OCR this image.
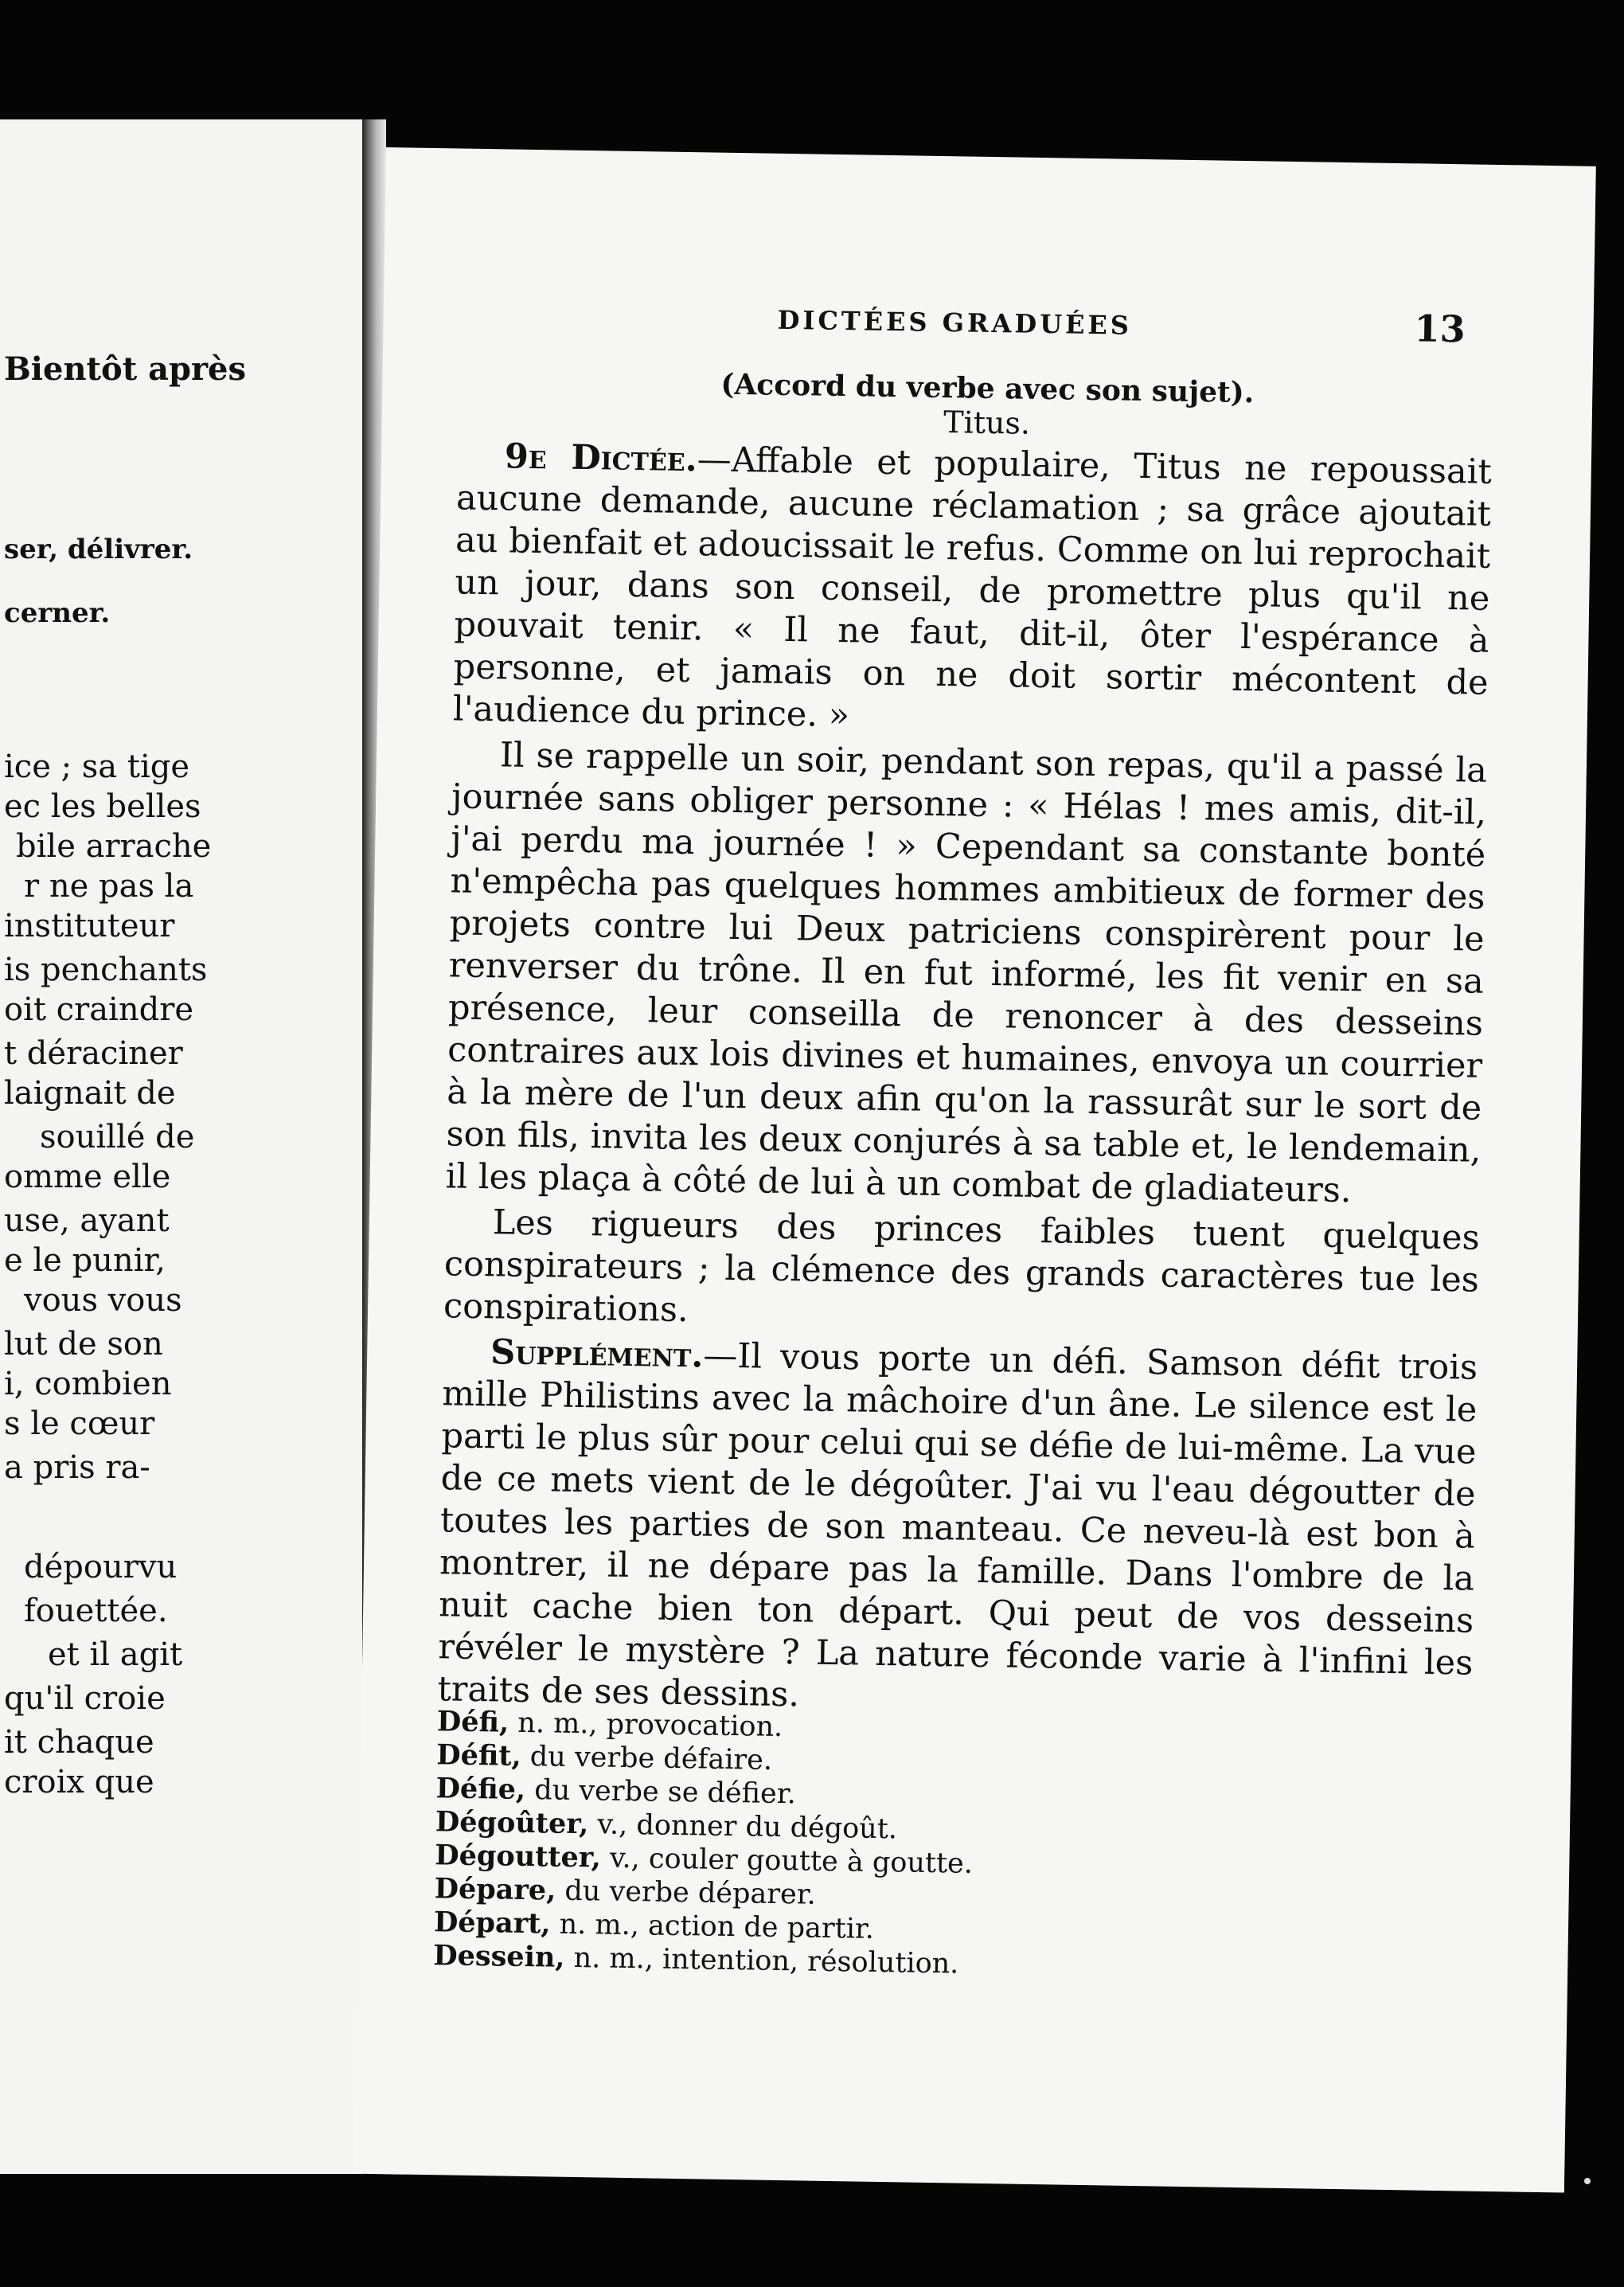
Bientôt après
ser, délivrer.
cerner.
ice ; sa tige
ec les belles
bile arrache
r ne pas la
instituteur
is penchants
oit craindre
t déraciner
laignait de
souillé de
omme elle
use, ayant
e le punir,
vous vous
lut de son
i, combien
s le cœur
a pris ra-
dépourvu
fouettée.
et il agit
qu'il croie
it chaque
croix que
DICTÉES GRADUÉES	13
(Accord du verbe avec son sujet).
Titus.

9e Dictée.—Affable et populaire, Titus ne repoussait aucune demande, aucune réclamation ; sa grâce ajoutait au bienfait et adoucissait le refus. Comme on lui reprochait un jour, dans son conseil, de promettre plus qu'il ne pouvait tenir. « Il ne faut, dit-il, ôter l'espérance à personne, et jamais on ne doit sortir mécontent de l'audience du prince. »

Il se rappelle un soir, pendant son repas, qu'il a passé la journée sans obliger personne : « Hélas ! mes amis, dit-il, j'ai perdu ma journée ! » Cependant sa constante bonté n'empêcha pas quelques hommes ambitieux de former des projets contre lui Deux patriciens conspirèrent pour le renverser du trône. Il en fut informé, les fit venir en sa présence, leur conseilla de renoncer à des desseins contraires aux lois divines et humaines, envoya un courrier à la mère de l'un deux afin qu'on la rassurât sur le sort de son fils, invita les deux conjurés à sa table et, le lendemain, il les plaça à côté de lui à un combat de gladiateurs.

Les rigueurs des princes faibles tuent quelques conspirateurs ; la clémence des grands caractères tue les conspirations.

Supplément.—Il vous porte un défi. Samson défit trois mille Philistins avec la mâchoire d'un âne. Le silence est le parti le plus sûr pour celui qui se défie de lui-même. La vue de ce mets vient de le dégoûter. J'ai vu l'eau dégoutter de toutes les parties de son manteau. Ce neveu-là est bon à montrer, il ne dépare pas la famille. Dans l'ombre de la nuit cache bien ton départ. Qui peut de vos desseins révéler le mystère ? La nature féconde varie à l'infini les traits de ses dessins.

Défi, n. m., provocation.
Défit, du verbe défaire.
Défie, du verbe se défier.
Dégoûter, v., donner du dégoût.
Dégoutter, v., couler goutte à goutte.
Dépare, du verbe déparer.
Départ, n. m., action de partir.
Dessein, n. m., intention, résolution.
